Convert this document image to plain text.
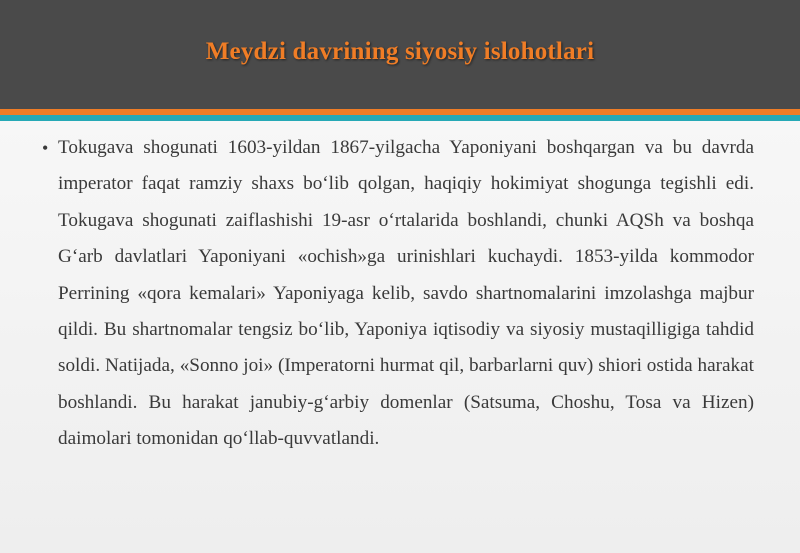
Meydzi davrining siyosiy islohotlari
• Tokugava shogunati 1603-yildan 1867-yilgacha Yaponiyani boshqargan va bu davrda imperator faqat ramziy shaxs bo‘lib qolgan, haqiqiy hokimiyat shogunga tegishli edi. Tokugava shogunati zaiflashishi 19-asr o‘rtalarida boshlandi, chunki AQSh va boshqa G‘arb davlatlari Yaponiyani «ochish»ga urinishlari kuchaydi. 1853-yilda kommodor Perrining «qora kemalari» Yaponiyaga kelib, savdo shartnomalarini imzolashga majbur qildi. Bu shartnomalar tengsiz bo‘lib, Yaponiya iqtisodiy va siyosiy mustaqilligiga tahdid soldi. Natijada, «Sonno joi» (Imperatorni hurmat qil, barbarlarni quv) shiori ostida harakat boshlandi. Bu harakat janubiy-g‘arbiy domenlar (Satsuma, Choshu, Tosa va Hizen) daimolari tomonidan qo‘llab-quvvatlandi.
